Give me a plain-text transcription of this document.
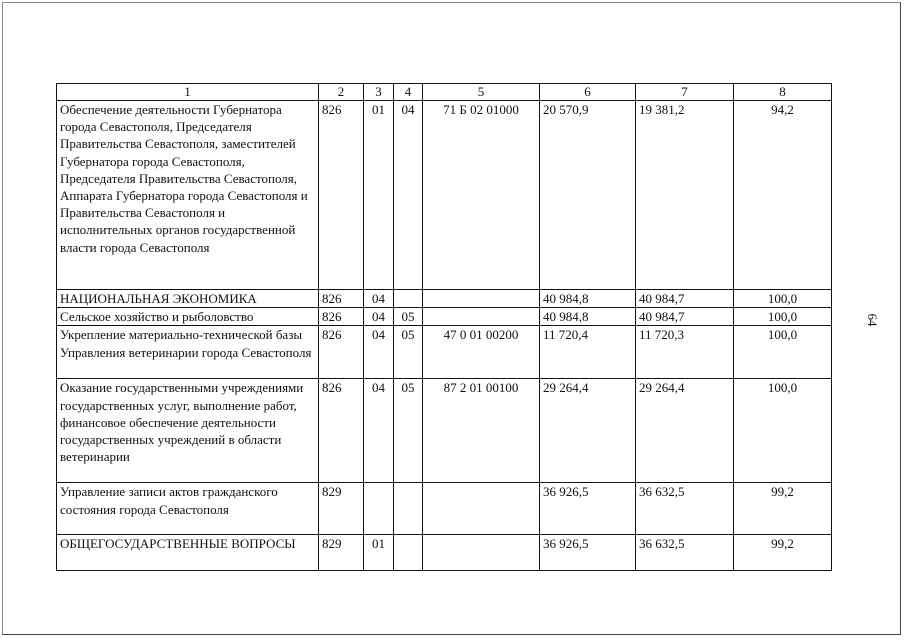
64
1	2	3	4	5	6	7	8
Обеспечение деятельности Губернатора города Севастополя, Председателя Правительства Севастополя, заместителей Губернатора города Севастополя, Председателя Правительства Севастополя, Аппарата Губернатора города Севастополя и Правительства Севастополя и исполнительных органов государственной власти города Севастополя	826	01	04	71 Б 02 01000	20 570,9	19 381,2	94,2
НАЦИОНАЛЬНАЯ ЭКОНОМИКА	826	04			40 984,8	40 984,7	100,0
Сельское хозяйство и рыболовство	826	04	05		40 984,8	40 984,7	100,0
Укрепление материально-технической базы Управления ветеринарии города Севастополя	826	04	05	47 0 01 00200	11 720,4	11 720,3	100,0
Оказание государственными учреждениями государственных услуг, выполнение работ, финансовое обеспечение деятельности государственных учреждений в области ветеринарии	826	04	05	87 2 01 00100	29 264,4	29 264,4	100,0
Управление записи актов гражданского состояния города Севастополя	829				36 926,5	36 632,5	99,2
ОБЩЕГОСУДАРСТВЕННЫЕ ВОПРОСЫ	829	01			36 926,5	36 632,5	99,2
